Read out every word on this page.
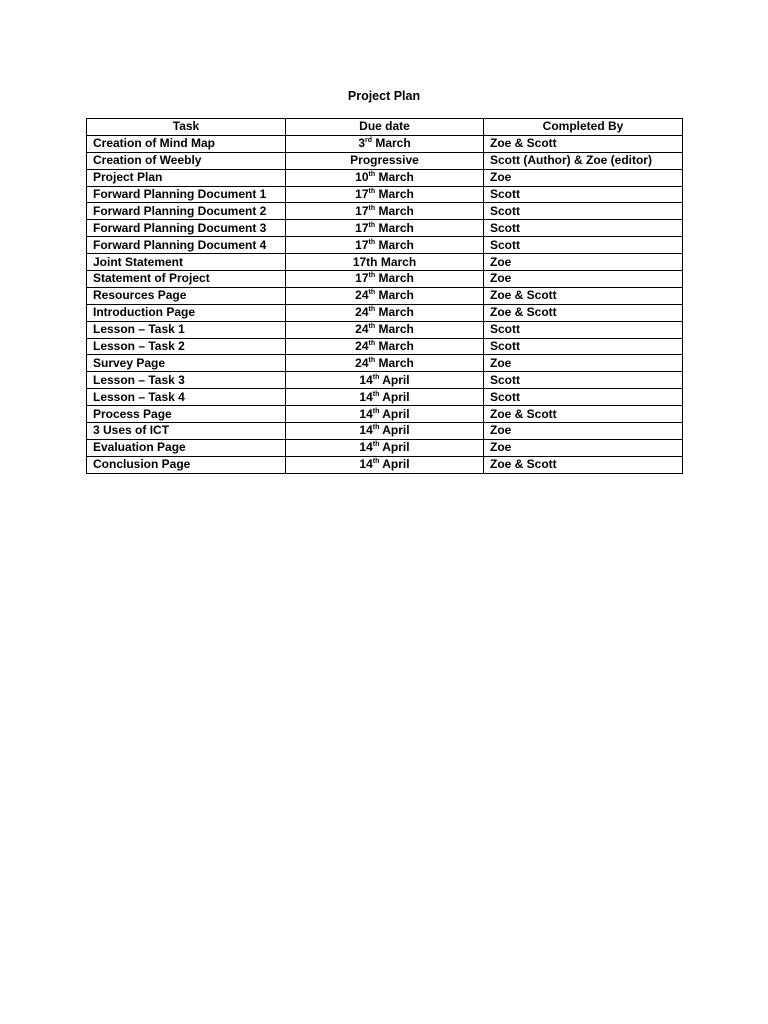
Project Plan
Task	Due date	Completed By
Creation of Mind Map	3rd March	Zoe & Scott
Creation of Weebly	Progressive	Scott (Author) & Zoe (editor)
Project Plan	10th March	Zoe
Forward Planning Document 1	17th March	Scott
Forward Planning Document 2	17th March	Scott
Forward Planning Document 3	17th March	Scott
Forward Planning Document 4	17th March	Scott
Joint Statement	17th March	Zoe
Statement of Project	17th March	Zoe
Resources Page	24th March	Zoe & Scott
Introduction Page	24th March	Zoe & Scott
Lesson – Task 1	24th March	Scott
Lesson – Task 2	24th March	Scott
Survey Page	24th March	Zoe
Lesson – Task 3	14th April	Scott
Lesson – Task 4	14th April	Scott
Process Page	14th April	Zoe & Scott
3 Uses of ICT	14th April	Zoe
Evaluation Page	14th April	Zoe
Conclusion Page	14th April	Zoe & Scott
